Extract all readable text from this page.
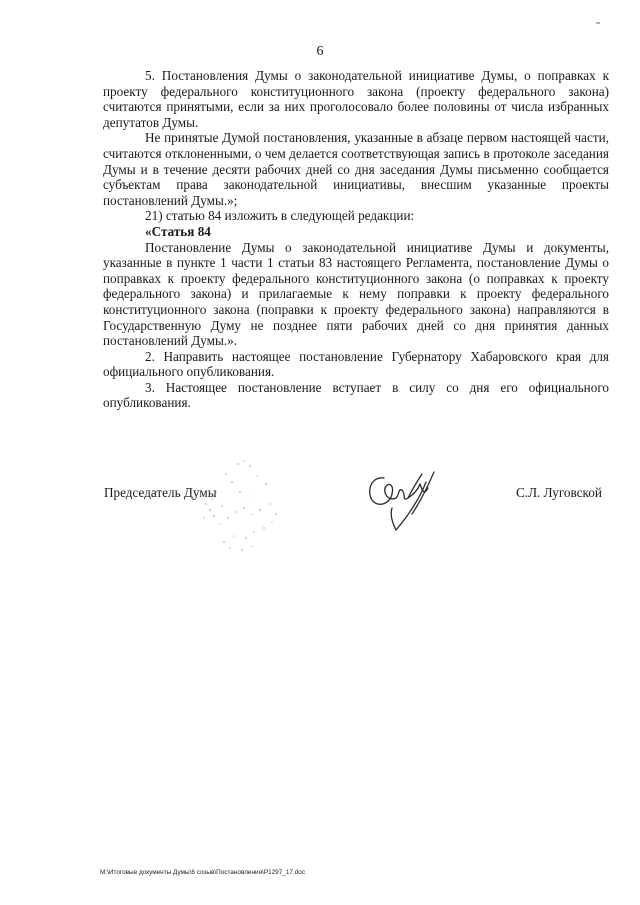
6

5. Постановления Думы о законодательной инициативе Думы, о поправках к проекту федерального конституционного закона (проекту федерального закона) считаются принятыми, если за них проголосовало более половины от числа избранных депутатов Думы.

Не принятые Думой постановления, указанные в абзаце первом настоящей части, считаются отклоненными, о чем делается соответствующая запись в протоколе заседания Думы и в течение десяти рабочих дней со дня заседания Думы письменно сообщается субъектам права законодательной инициативы, внесшим указанные проекты постановлений Думы.»;

21) статью 84 изложить в следующей редакции:

«Статья 84

Постановление Думы о законодательной инициативе Думы и документы, указанные в пункте 1 части 1 статьи 83 настоящего Регламента, постановление Думы о поправках к проекту федерального конституционного закона (о поправках к проекту федерального закона) и прилагаемые к нему поправки к проекту федерального конституционного закона (поправки к проекту федерального закона) направляются в Государственную Думу не позднее пяти рабочих дней со дня принятия данных постановлений Думы.».

2. Направить настоящее постановление Губернатору Хабаровского края для официального опубликования.

3. Настоящее постановление вступает в силу со дня его официального опубликования.

Председатель Думы	С.Л. Луговской
M:\Итоговые документы Думы\6 созыв\Постановления\Р1297_17.doc
